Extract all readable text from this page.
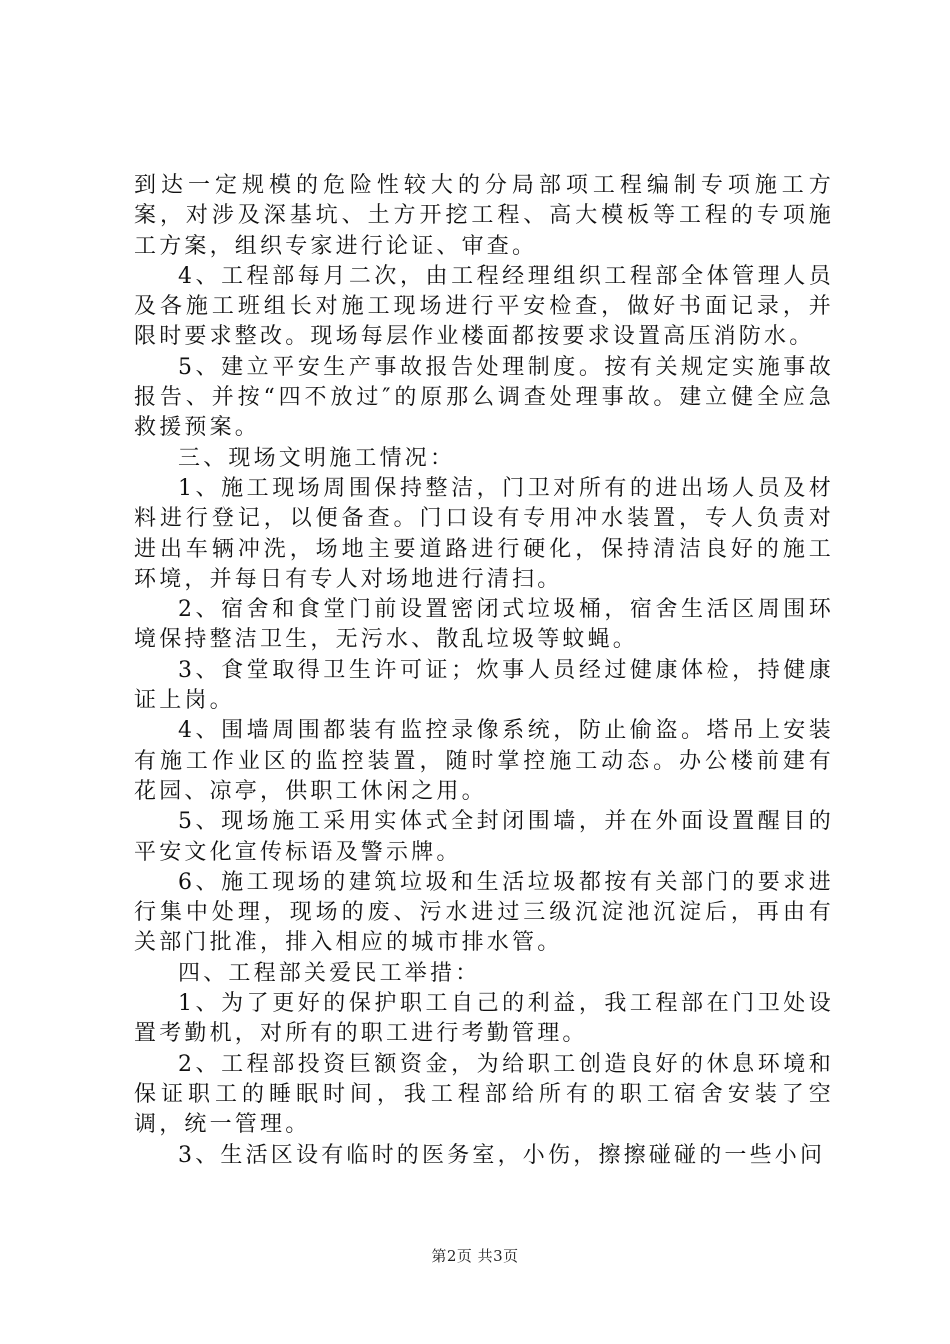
到达一定规模的危险性较大的分局部项工程编制专项施工方案，对涉及深基坑、土方开挖工程、高大模板等工程的专项施工方案，组织专家进行论证、审查。

4、工程部每月二次，由工程经理组织工程部全体管理人员及各施工班组长对施工现场进行平安检查，做好书面记录，并限时要求整改。现场每层作业楼面都按要求设置高压消防水。

5、建立平安生产事故报告处理制度。按有关规定实施事故报告、并按“四不放过″的原那么调查处理事故。建立健全应急救援预案。

三、现场文明施工情况：

1、施工现场周围保持整洁，门卫对所有的进出场人员及材料进行登记，以便备查。门口设有专用冲水装置，专人负责对进出车辆冲洗，场地主要道路进行硬化，保持清洁良好的施工环境，并每日有专人对场地进行清扫。

2、宿舍和食堂门前设置密闭式垃圾桶，宿舍生活区周围环境保持整洁卫生，无污水、散乱垃圾等蚊蝇。

3、食堂取得卫生许可证；炊事人员经过健康体检，持健康证上岗。

4、围墙周围都装有监控录像系统，防止偷盗。塔吊上安装有施工作业区的监控装置，随时掌控施工动态。办公楼前建有花园、凉亭，供职工休闲之用。

5、现场施工采用实体式全封闭围墙，并在外面设置醒目的平安文化宣传标语及警示牌。

6、施工现场的建筑垃圾和生活垃圾都按有关部门的要求进行集中处理，现场的废、污水进过三级沉淀池沉淀后，再由有关部门批准，排入相应的城市排水管。

四、工程部关爱民工举措：

1、为了更好的保护职工自己的利益，我工程部在门卫处设置考勤机，对所有的职工进行考勤管理。

2、工程部投资巨额资金，为给职工创造良好的休息环境和保证职工的睡眠时间，我工程部给所有的职工宿舍安装了空调，统一管理。

3、生活区设有临时的医务室，小伤，擦擦碰碰的一些小问

第2页 共3页
